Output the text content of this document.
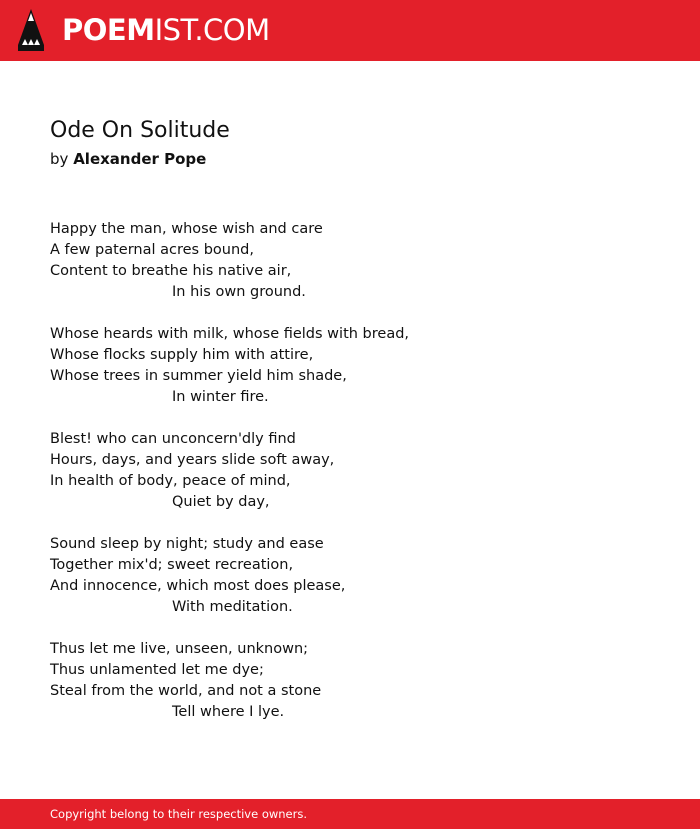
POEMIST.COM
Ode On Solitude
by Alexander Pope
Happy the man, whose wish and care
A few paternal acres bound,
Content to breathe his native air,
In his own ground.
Whose heards with milk, whose fields with bread,
Whose flocks supply him with attire,
Whose trees in summer yield him shade,
In winter fire.
Blest! who can unconcern'dly find
Hours, days, and years slide soft away,
In health of body, peace of mind,
Quiet by day,
Sound sleep by night; study and ease
Together mix'd; sweet recreation,
And innocence, which most does please,
With meditation.
Thus let me live, unseen, unknown;
Thus unlamented let me dye;
Steal from the world, and not a stone
Tell where I lye.
Copyright belong to their respective owners.
